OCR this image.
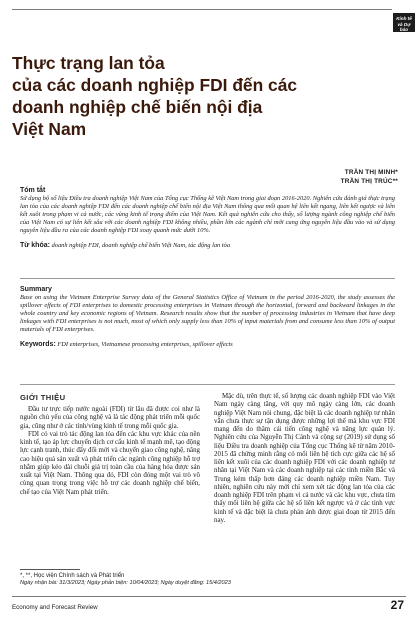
Kinh tế
và Dự báo
Thực trạng lan tỏa
của các doanh nghiệp FDI đến các
doanh nghiệp chế biến nội địa
Việt Nam
TRẦN THỊ MINH*
TRẦN THỊ TRÚC**
Tóm tắt
Sử dụng bộ số liệu Điều tra doanh nghiệp Việt Nam của Tổng cục Thống kê Việt Nam trong giai đoạn 2016-2020. Nghiên cứu đánh giá thực trạng lan tỏa của các doanh nghiệp FDI đến các doanh nghiệp chế biến nội địa Việt Nam thông qua mối quan hệ liên kết ngang, liên kết ngược và liên kết xuôi trong phạm vi cả nước, các vùng kinh tế trọng điểm của Việt Nam. Kết quả nghiên cứu cho thấy, số lượng ngành công nghiệp chế biến của Việt Nam có sự liên kết sâu với các doanh nghiệp FDI không nhiều, phần lớn các ngành chỉ mới cung ứng nguyên liệu đầu vào và sử dụng nguyên liệu đầu ra của các doanh nghiệp FDI xoay quanh mức dưới 10%.
Từ khóa: doanh nghiệp FDI, doanh nghiệp chế biến Việt Nam, tác động lan tỏa
Summary
Base on using the Vietnam Enterprise Survey data of the General Statistics Office of Vietnam in the period 2016-2020, the study assesses the spillover effects of FDI enterprises to domestic processing enterprises in Vietnam through the horizontal, forward and backward linkages in the whole country and key economic regions of Vietnam. Research results show that the number of processing industries in Vietnam that have deep linkages with FDI enterprises is not much, most of which only supply less than 10% of input materials from and consume less than 10% of output materials of FDI enterprises.
Keywords: FDI enterprises, Vietnamese processing enterprises, spillover effects
GIỚI THIỆU

Đầu tư trực tiếp nước ngoài (FDI) từ lâu đã được coi như là nguồn chủ yếu của công nghệ và là tác động phát triển mỗi quốc gia, cũng như ở các tỉnh/vùng kinh tế trong mỗi quốc gia.

FDI có vai trò tác động lan tỏa đến các khu vực khác của nền kinh tế, tạo áp lực chuyển dịch cơ cấu kinh tế mạnh mẽ, tạo động lực cạnh tranh, thúc đẩy đổi mới và chuyển giao công nghệ, nâng cao hiệu quả sản xuất và phát triển các ngành công nghiệp hỗ trợ nhằm giúp kéo dài chuỗi giá trị toàn cầu của hàng hóa được sản xuất tại Việt Nam. Thông qua đó, FDI còn đóng một vai trò vô cùng quan trọng trong việc hỗ trợ các doanh nghiệp chế biến, chế tạo của Việt Nam phát triển.

Mặc dù, trên thực tế, số lượng các doanh nghiệp FDI vào Việt Nam ngày càng tăng, với quy mô ngày càng lớn, các doanh nghiệp Việt Nam nói chung, đặc biệt là các doanh nghiệp tư nhân vẫn chưa thực sự tận dụng được những lợi thế mà khu vực FDI mang đến do thâm cái tiến công nghệ và năng lực quản lý. Nghiên cứu của Nguyễn Thị Cảnh và cộng sự (2019) sử dụng số liệu Điều tra doanh nghiệp của Tổng cục Thống kê từ năm 2010-2015 đã chứng minh rằng có mối liên hệ tích cực giữa các hệ số liên kết xuôi của các doanh nghiệp FDI với các doanh nghiệp tư nhân tại Việt Nam và các doanh nghiệp tại các tỉnh miền Bắc và Trung kém thấp hơn đáng các doanh nghiệp miền Nam. Tuy nhiên, nghiên cứu này mới chỉ xem xét tác động lan tỏa của các doanh nghiệp FDI trên phạm vi cả nước và các khu vực, chưa tìm thấy mối liên hệ giữa các hệ số liên kết ngược và ở các tỉnh vực kinh tế và đặc biệt là chưa phản ánh được giai đoạn từ 2015 đến nay.

*, **, Học viện Chính sách và Phát triển
Ngày nhận bài: 31/3/2023; Ngày phản biện: 10/04/2023; Ngày duyệt đăng: 15/4/2023
Economy and Forecast Review	27
